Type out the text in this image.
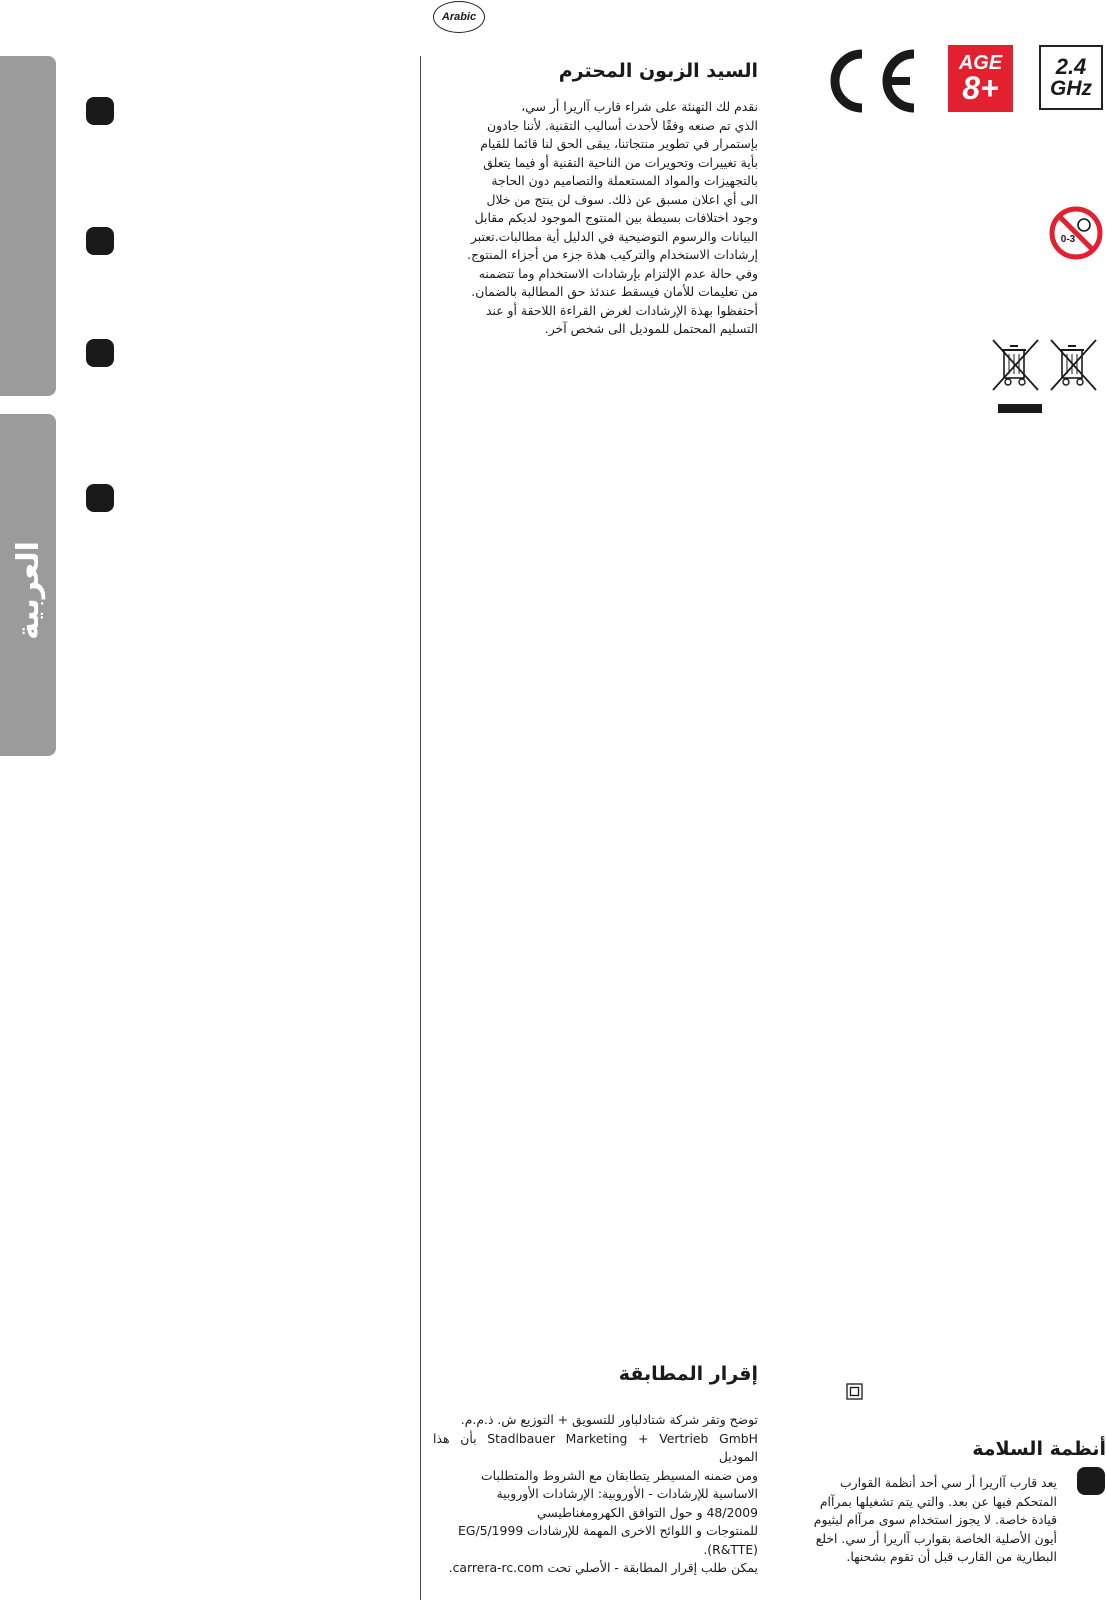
Arabic
العربية
السيد الزبون المحترم
نقدم لك التهنئة على شراء قارب آاريرا أر سي،
الذي تم صنعه وفقًا لأحدث أساليب التقنية. لأننا جادون
بإستمرار في تطوير منتجاتنا، يبقى الحق لنا قائما للقيام
بأية تغييرات وتحويرات من الناحية التقنية أو فيما يتعلق
بالتجهيزات والمواد المستعملة والتصاميم دون الحاجة
الى أي اعلان مسبق عن ذلك. سوف لن ينتج من خلال
وجود اختلافات بسيطة بين المنتوج الموجود لديكم مقابل
البيانات والرسوم التوضيحية في الدليل أية مطالبات.تعتبر
إرشادات الاستخدام والتركيب هذة جزء من أجزاء المنتوج.
وفي حالة عدم الإلتزام بإرشادات الاستخدام وما تتضمنه
من تعليمات للأمان فيسقط عندئذ حق المطالبة بالضمان.
أحتفظوا بهذة الإرشادات لغرض القراءة اللاحقة أو عند
التسليم المحتمل للموديل الى شخص آخر.
CE
AGE
8+
2.4
GHz
0-3
إقرار المطابقة
توضح وتقر شركة شتادلباور للتسويق + التوزيع ش. ذ.م.م.
Stadlbauer Marketing + Vertrieb GmbH بأن هذا الموديل
ومن ضمنه المسيطر يتطابقان مع الشروط والمتطلبات
الاساسية للإرشادات - الأوروبية: الإرشادات الأوروبية
48/2009 و حول التوافق الكهرومغناطيسي
للمنتوجات و اللوائح الاخرى المهمة للإرشادات EG/5/1999
(R&TTE).
يمكن طلب إقرار المطابقة - الأصلي تحت carrera-rc.com.
أنظمة السلامة
يعد قارب آاريرا أر سي أحد أنظمة القوارب
المتحكم فيها عن بعد. والتي يتم تشغيلها بمرآام
قيادة خاصة. لا يجوز استخدام سوى مرآام ليثيوم
أيون الأصلية الخاصة بقوارب آاريرا أر سي. اخلع
البطارية من القارب قبل أن تقوم بشحنها.
